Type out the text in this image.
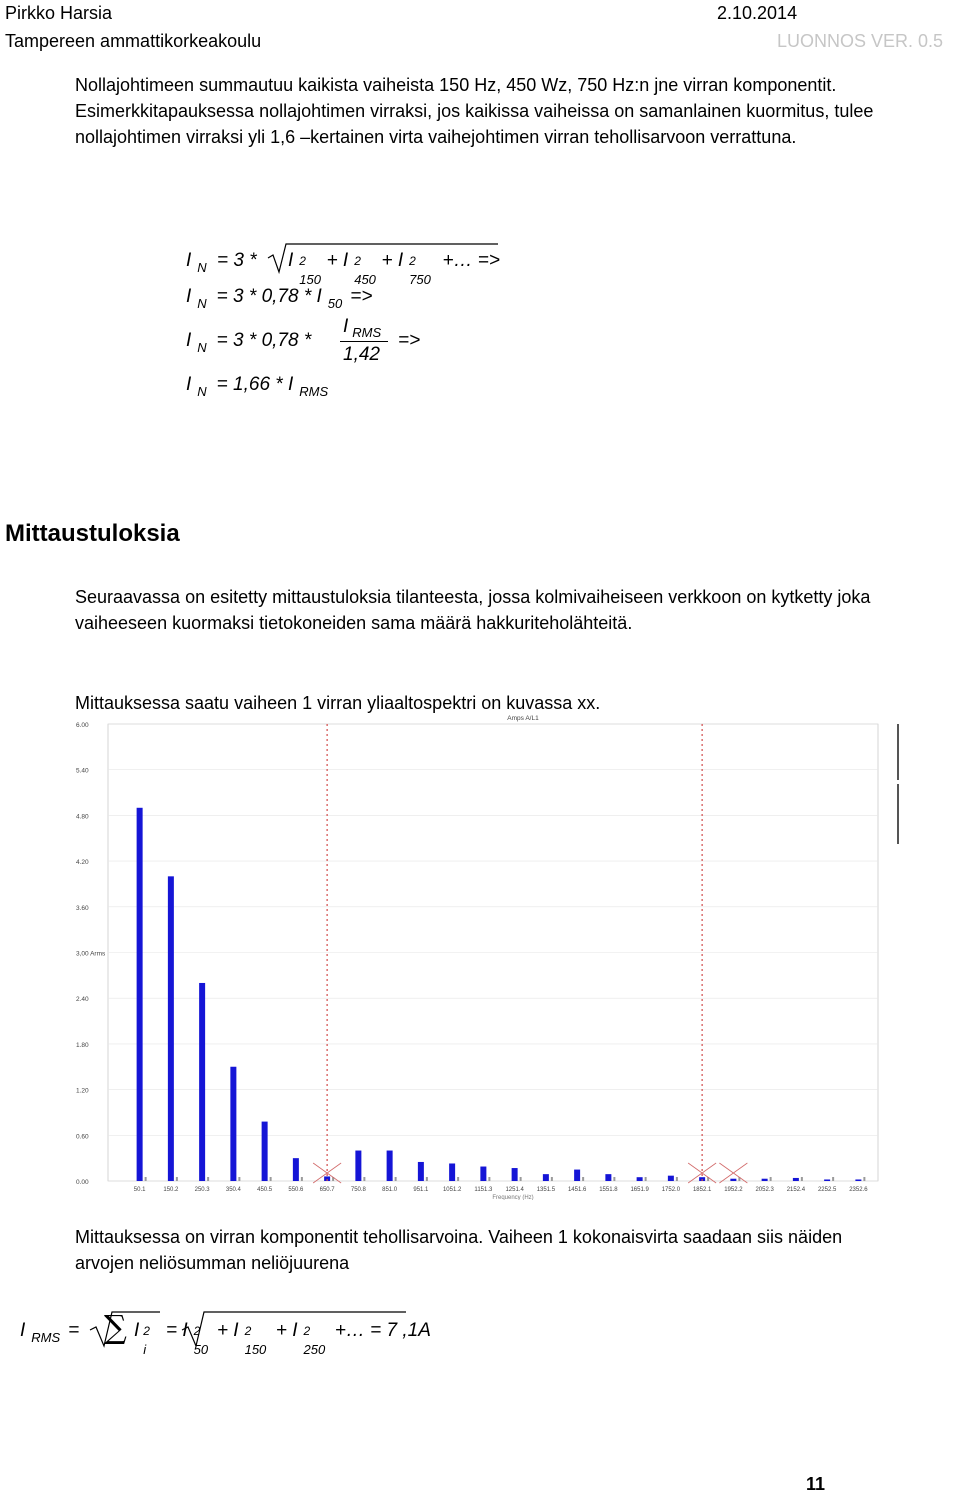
Pirkko Harsia
Tampereen ammattikorkeakoulu
2.10.2014
LUONNOS VER. 0.5
Nollajohtimeen summautuu kaikista vaiheista 150 Hz, 450 Wz, 750 Hz:n jne virran komponentit. Esimerkkitapauksessa nollajohtimen virraksi, jos kaikissa vaiheissa on samanlainen kuormitus, tulee nollajohtimen virraksi yli 1,6 –kertainen virta vaihejohtimen virran tehollisarvoon verrattuna.
I $_N$ = 3 * I 2
150
+ I 2
450
+ I 2
750
+… =>
I $_N$ = 3 * 0,78 * I $_{50}$ =>
I $_N$ = 3 * 0,78 *
I $_{RMS}$
1,42
=>
I $_N$ = 1,66 * I $_{RMS}$
Mittaustuloksia
Seuraavassa on esitetty mittaustuloksia tilanteesta, jossa kolmivaiheiseen verkkoon on kytketty joka vaiheeseen kuormaksi tietokoneiden sama määrä hakkuriteholähteitä.
Mittauksessa saatu vaiheen 1 virran yliaaltospektri on kuvassa xx.
0.00
0.60
1.20
1.80
2.40
3,00 Arms
3.60
4.20
4.80
5.40
6.00
Amps A/L1
50.1	150.2	250.3	350.4	450.5	550.6	650.7	750.8	851.0	951.1 1051.2 1151.3 1251.4 1351.5 1451.6 1551.8 1651.9 1752.0 1852.1 1952.2 2052.3 2152.4 2252.5 2352.6
Frequency (Hz)
Mittauksessa on virran komponentit tehollisarvoina. Vaiheen 1 kokonaisvirta saadaan siis näiden arvojen neliösumman neliöjuurena
I $_{RMS}$ = ∑ I 2
i
= I 2
50
+ I 2
150
+ I 2
250
+… = 7 ,1A
11
